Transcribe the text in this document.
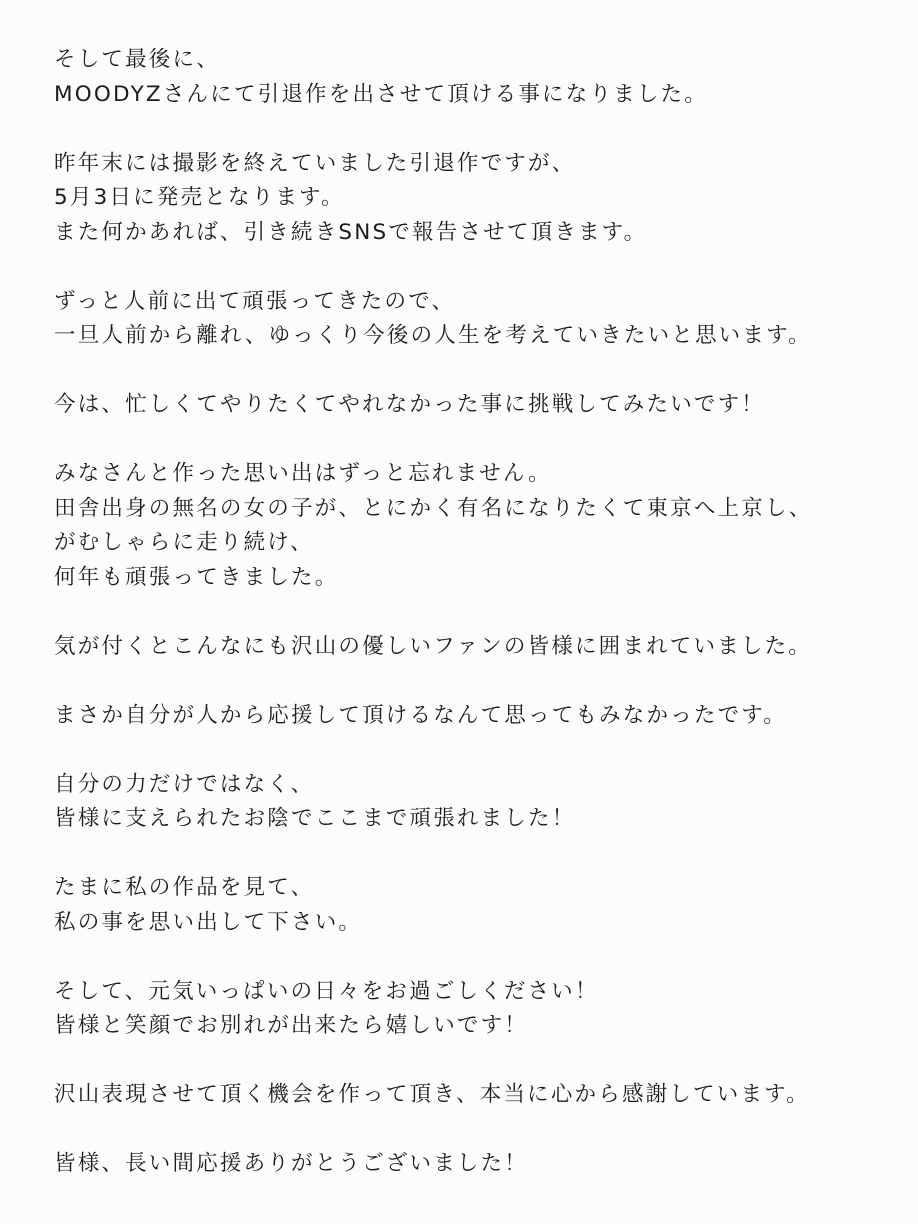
そして最後に、
MOODYZさんにて引退作を出させて頂ける事になりました。
昨年末には撮影を終えていました引退作ですが、
5月3日に発売となります。
また何かあれば、引き続きSNSで報告させて頂きます。
ずっと人前に出て頑張ってきたので、
一旦人前から離れ、ゆっくり今後の人生を考えていきたいと思います。
今は、忙しくてやりたくてやれなかった事に挑戦してみたいです！
みなさんと作った思い出はずっと忘れません。
田舎出身の無名の女の子が、とにかく有名になりたくて東京へ上京し、
がむしゃらに走り続け、
何年も頑張ってきました。
気が付くとこんなにも沢山の優しいファンの皆様に囲まれていました。
まさか自分が人から応援して頂けるなんて思ってもみなかったです。
自分の力だけではなく、
皆様に支えられたお陰でここまで頑張れました！
たまに私の作品を見て、
私の事を思い出して下さい。
そして、元気いっぱいの日々をお過ごしください！
皆様と笑顔でお別れが出来たら嬉しいです！
沢山表現させて頂く機会を作って頂き、本当に心から感謝しています。
皆様、長い間応援ありがとうございました！
